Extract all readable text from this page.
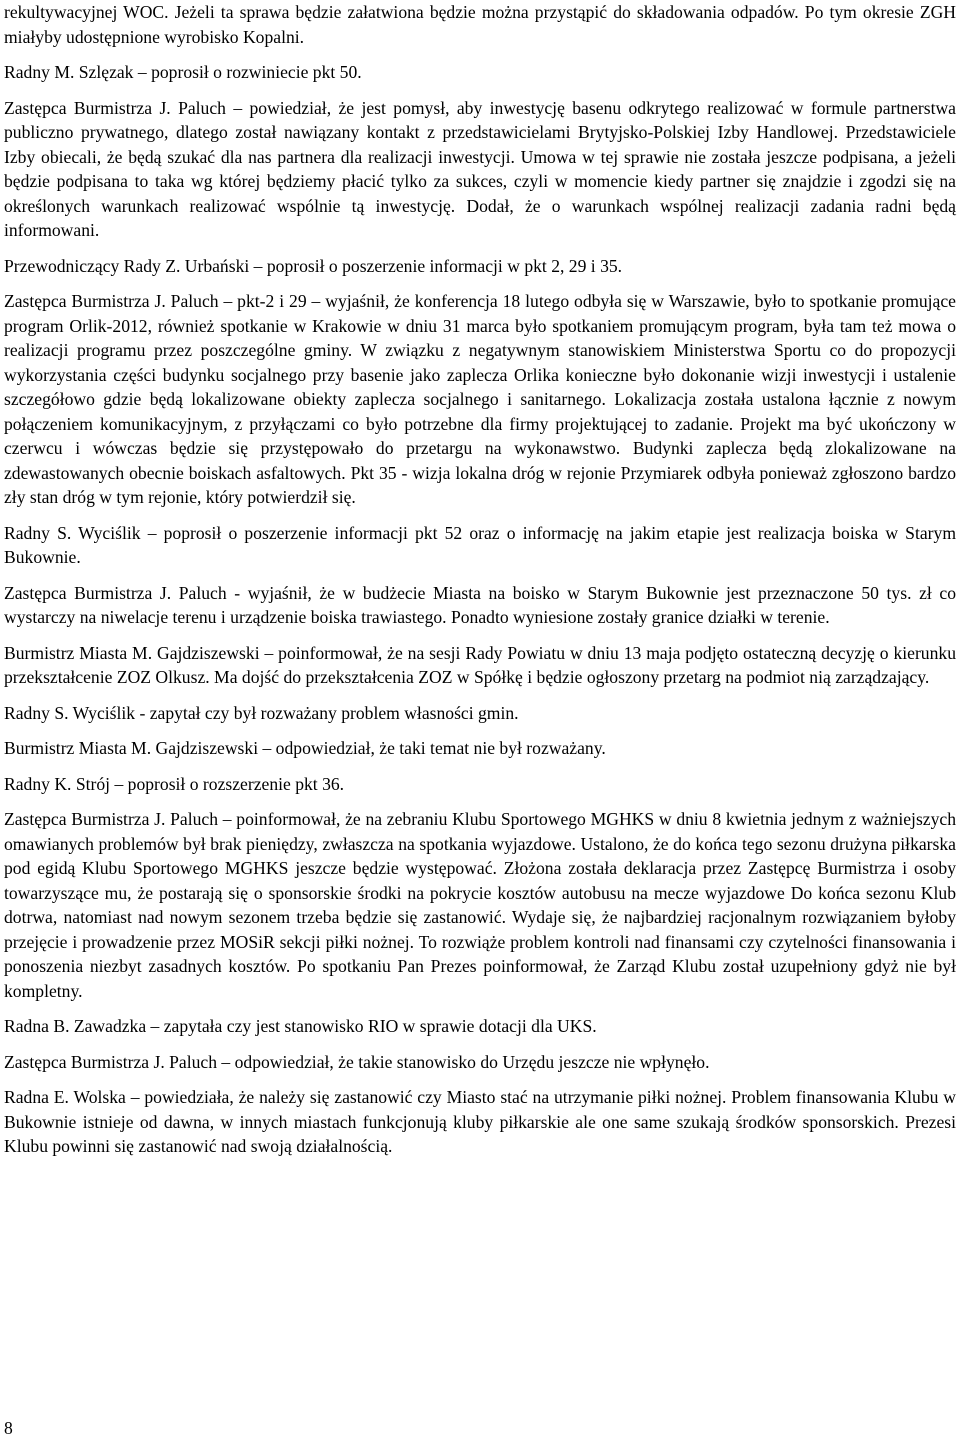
rekultywacyjnej WOC. Jeżeli ta sprawa będzie załatwiona będzie można przystąpić do składowania odpadów. Po tym okresie ZGH miałyby udostępnione wyrobisko Kopalni.

Radny M. Szlęzak – poprosił o rozwiniecie pkt 50.

Zastępca Burmistrza J. Paluch – powiedział, że jest pomysł, aby inwestycję basenu odkrytego realizować w formule partnerstwa publiczno prywatnego, dlatego został nawiązany kontakt z przedstawicielami Brytyjsko-Polskiej Izby Handlowej. Przedstawiciele Izby obiecali, że będą szukać dla nas partnera dla realizacji inwestycji. Umowa w tej sprawie nie została jeszcze podpisana, a jeżeli będzie podpisana to taka wg której będziemy płacić tylko za sukces, czyli w momencie kiedy partner się znajdzie i zgodzi się na określonych warunkach realizować wspólnie tą inwestycję. Dodał, że o warunkach wspólnej realizacji zadania radni będą informowani.

Przewodniczący Rady Z. Urbański – poprosił o poszerzenie informacji w pkt 2, 29 i 35.

Zastępca Burmistrza J. Paluch – pkt-2 i 29 – wyjaśnił, że konferencja 18 lutego odbyła się w Warszawie, było to spotkanie promujące program Orlik-2012, również spotkanie w Krakowie w dniu 31 marca było spotkaniem promującym program, była tam też mowa o realizacji programu przez poszczególne gminy. W związku z negatywnym stanowiskiem Ministerstwa Sportu co do propozycji wykorzystania części budynku socjalnego przy basenie jako zaplecza Orlika konieczne było dokonanie wizji inwestycji i ustalenie szczegółowo gdzie będą lokalizowane obiekty zaplecza socjalnego i sanitarnego. Lokalizacja została ustalona łącznie z nowym połączeniem komunikacyjnym, z przyłączami co było potrzebne dla firmy projektującej to zadanie. Projekt ma być ukończony w czerwcu i wówczas będzie się przystępowało do przetargu na wykonawstwo. Budynki zaplecza będą zlokalizowane na zdewastowanych obecnie boiskach asfaltowych. Pkt 35 - wizja lokalna dróg w rejonie Przymiarek odbyła ponieważ zgłoszono bardzo zły stan dróg w tym rejonie, który potwierdził się.

Radny S. Wyciślik – poprosił o poszerzenie informacji pkt 52 oraz o informację na jakim etapie jest realizacja boiska w Starym Bukownie.

Zastępca Burmistrza J. Paluch - wyjaśnił, że w budżecie Miasta na boisko w Starym Bukownie jest przeznaczone 50 tys. zł co wystarczy na niwelacje terenu i urządzenie boiska trawiastego. Ponadto wyniesione zostały granice działki w terenie.

Burmistrz Miasta M. Gajdziszewski – poinformował, że na sesji Rady Powiatu w dniu 13 maja podjęto ostateczną decyzję o kierunku przekształcenie ZOZ Olkusz. Ma dojść do przekształcenia ZOZ w Spółkę i będzie ogłoszony przetarg na podmiot nią zarządzający.

Radny S. Wyciślik - zapytał czy był rozważany problem własności gmin.

Burmistrz Miasta M. Gajdziszewski – odpowiedział, że taki temat nie był rozważany.

Radny K. Strój – poprosił o rozszerzenie pkt 36.

Zastępca Burmistrza J. Paluch – poinformował, że na zebraniu Klubu Sportowego MGHKS w dniu 8 kwietnia jednym z ważniejszych omawianych problemów był brak pieniędzy, zwłaszcza na spotkania wyjazdowe. Ustalono, że do końca tego sezonu drużyna piłkarska pod egidą Klubu Sportowego MGHKS jeszcze będzie występować. Złożona została deklaracja przez Zastępcę Burmistrza i osoby towarzyszące mu, że postarają się o sponsorskie środki na pokrycie kosztów autobusu na mecze wyjazdowe Do końca sezonu Klub dotrwa, natomiast nad nowym sezonem trzeba będzie się zastanowić. Wydaje się, że najbardziej racjonalnym rozwiązaniem byłoby przejęcie i prowadzenie przez MOSiR sekcji piłki nożnej. To rozwiąże problem kontroli nad finansami czy czytelności finansowania i ponoszenia niezbyt zasadnych kosztów. Po spotkaniu Pan Prezes poinformował, że Zarząd Klubu został uzupełniony gdyż nie był kompletny.

Radna B. Zawadzka – zapytała czy jest stanowisko RIO w sprawie dotacji dla UKS.

Zastępca Burmistrza J. Paluch – odpowiedział, że takie stanowisko do Urzędu jeszcze nie wpłynęło.

Radna E. Wolska – powiedziała, że należy się zastanowić czy Miasto stać na utrzymanie piłki nożnej. Problem finansowania Klubu w Bukownie istnieje od dawna, w innych miastach funkcjonują kluby piłkarskie ale one same szukają środków sponsorskich. Prezesi Klubu powinni się zastanowić nad swoją działalnością.

8
